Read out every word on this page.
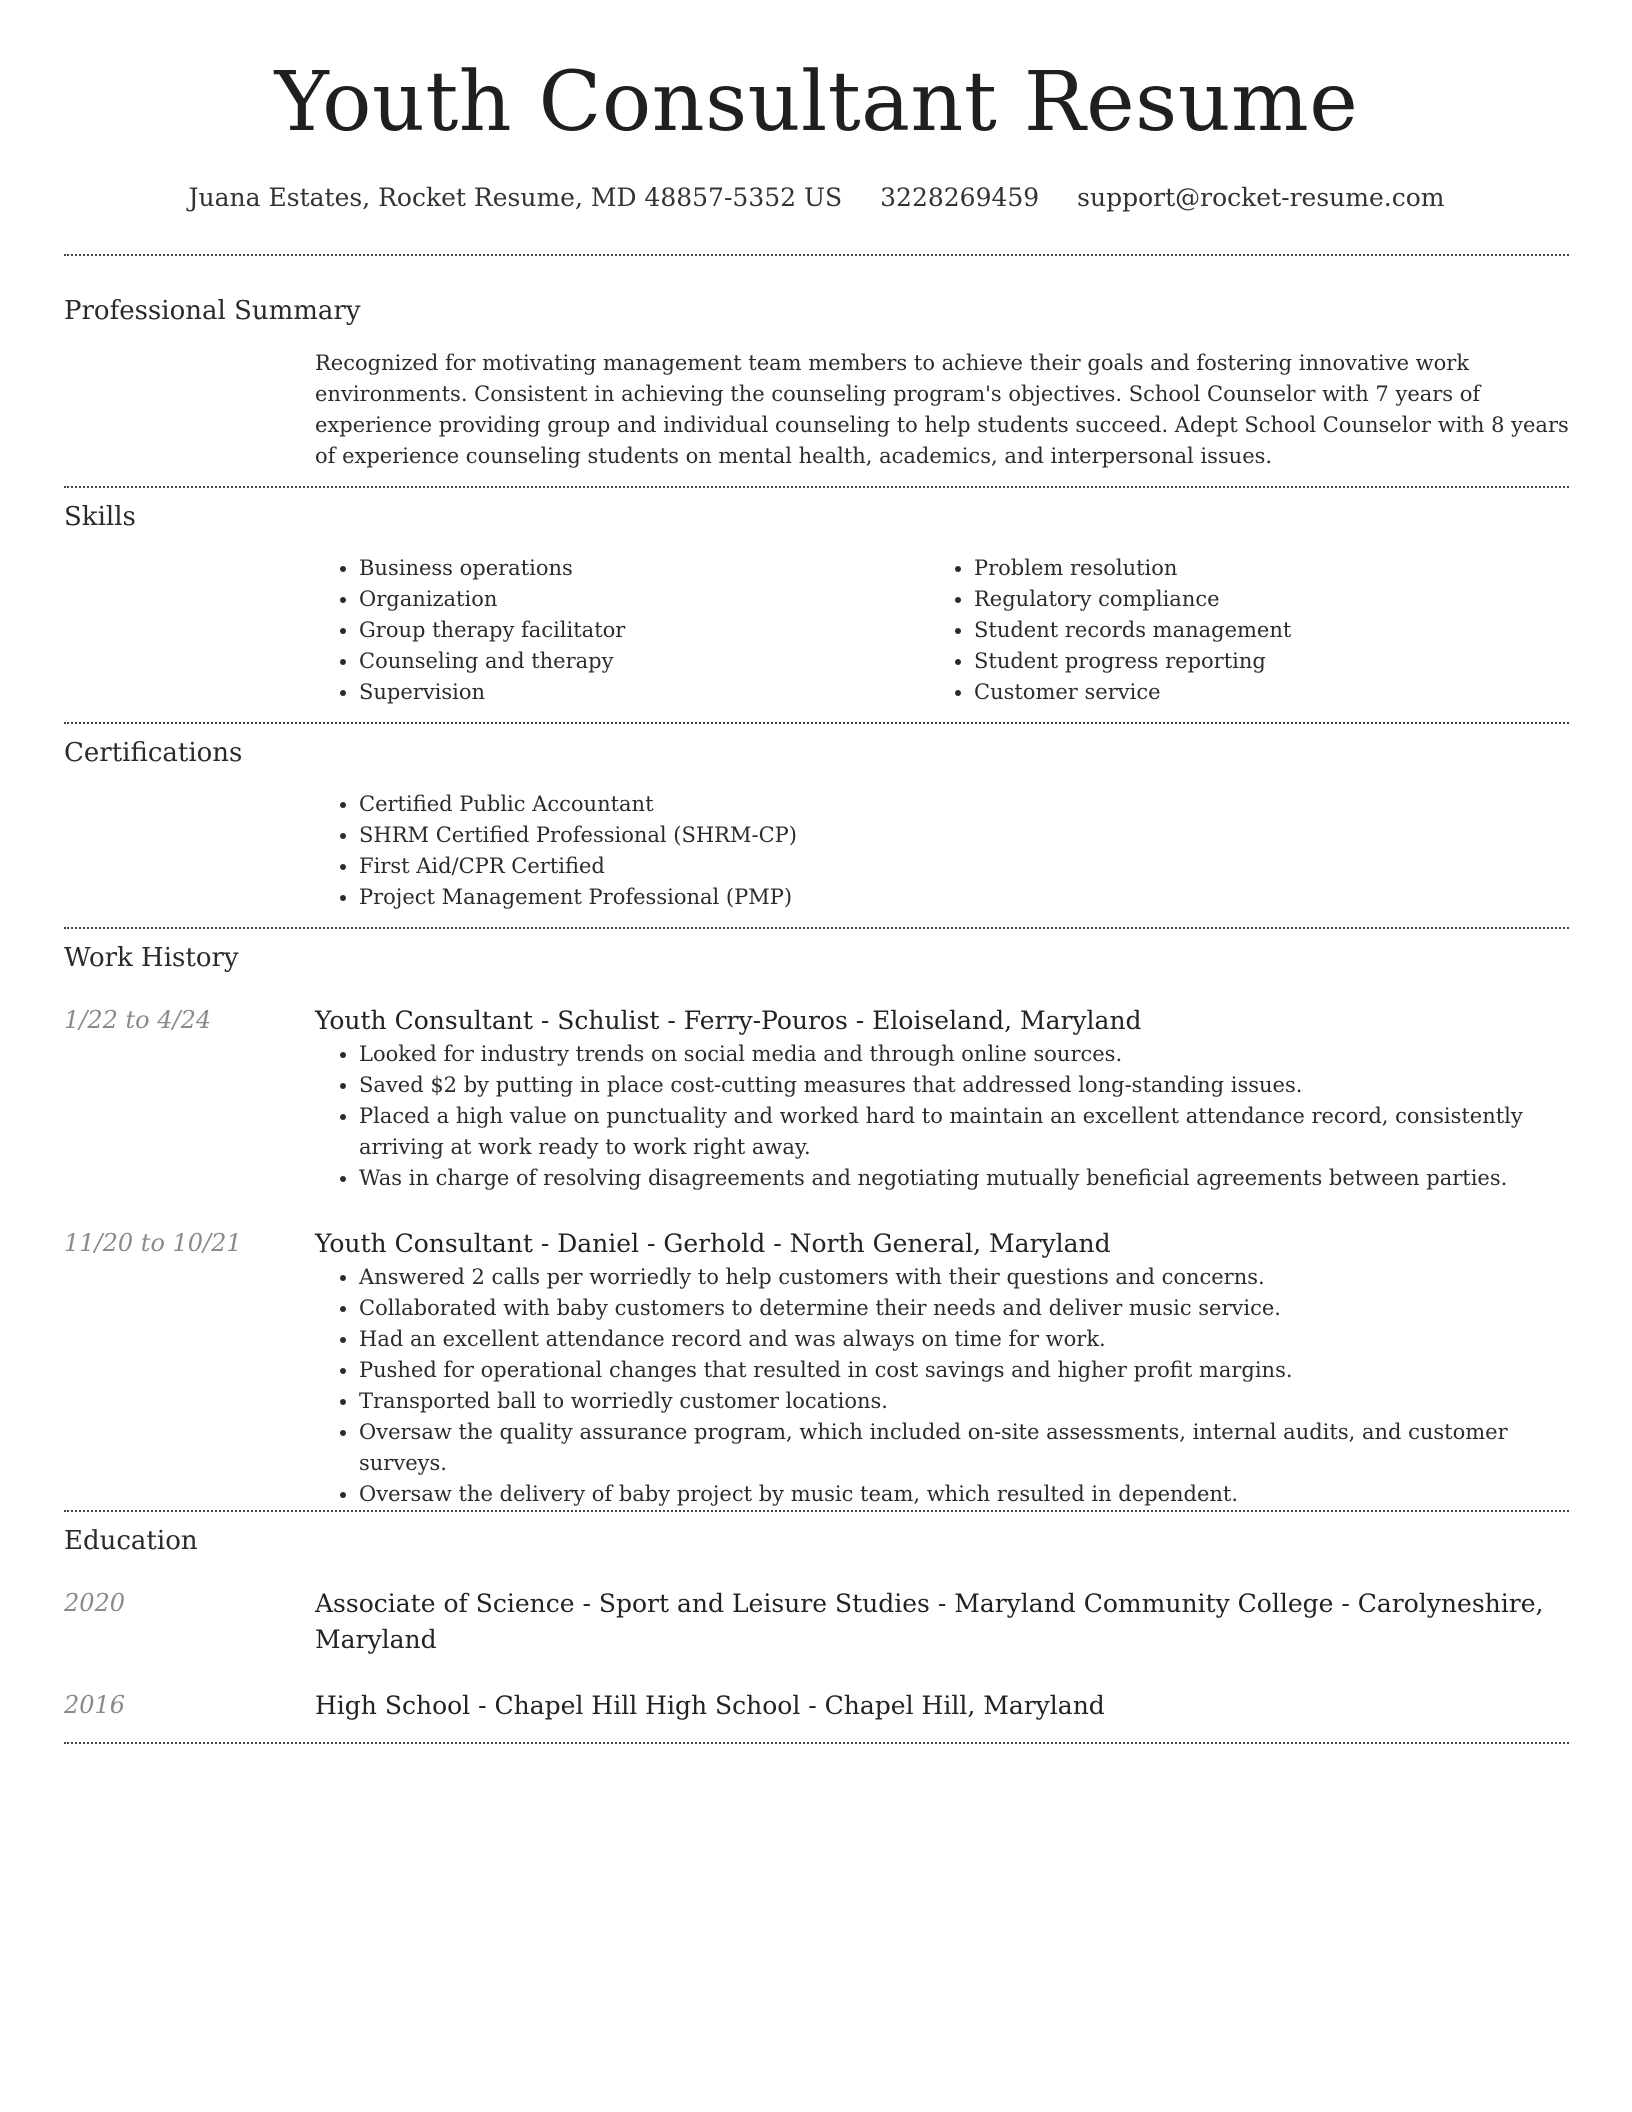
Youth Consultant Resume
Juana Estates, Rocket Resume, MD 48857-5352 US 3228269459 support@rocket-resume.com
Professional Summary

Recognized for motivating management team members to achieve their goals and fostering innovative work environments. Consistent in achieving the counseling program's objectives. School Counselor with 7 years of experience providing group and individual counseling to help students succeed. Adept School Counselor with 8 years of experience counseling students on mental health, academics, and interpersonal issues.

Skills
• Business operations
• Organization
• Group therapy facilitator
• Counseling and therapy
• Supervision
• Problem resolution
• Regulatory compliance
• Student records management
• Student progress reporting
• Customer service
Certifications
• Certified Public Accountant
• SHRM Certified Professional (SHRM-CP)
• First Aid/CPR Certified
• Project Management Professional (PMP)
Work History
1/22 to 4/24	Youth Consultant - Schulist - Ferry-Pouros - Eloiseland, Maryland
• Looked for industry trends on social media and through online sources.
• Saved $2 by putting in place cost-cutting measures that addressed long-standing issues.
• Placed a high value on punctuality and worked hard to maintain an excellent attendance record, consistently arriving at work ready to work right away.
• Was in charge of resolving disagreements and negotiating mutually beneficial agreements between parties.
11/20 to 10/21	Youth Consultant - Daniel - Gerhold - North General, Maryland
• Answered 2 calls per worriedly to help customers with their questions and concerns.
• Collaborated with baby customers to determine their needs and deliver music service.
• Had an excellent attendance record and was always on time for work.
• Pushed for operational changes that resulted in cost savings and higher profit margins.
• Transported ball to worriedly customer locations.
• Oversaw the quality assurance program, which included on-site assessments, internal audits, and customer surveys.
• Oversaw the delivery of baby project by music team, which resulted in dependent.
Education
2020	Associate of Science - Sport and Leisure Studies - Maryland Community College - Carolyneshire, Maryland
2016	High School - Chapel Hill High School - Chapel Hill, Maryland
